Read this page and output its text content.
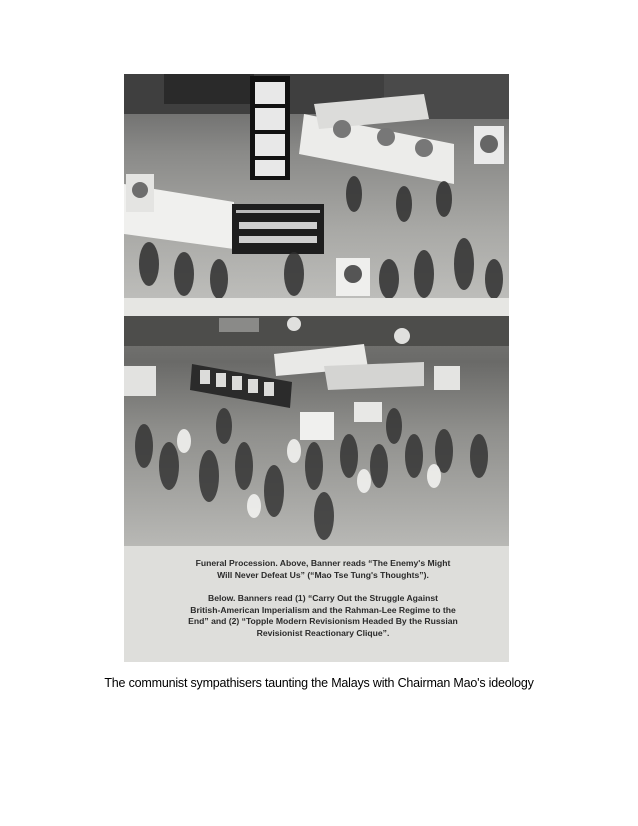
Funeral Procession. Above, Banner reads “The Enemy's Might
Will Never Defeat Us” (“Mao Tse Tung's Thoughts”).
Below. Banners read (1) “Carry Out the Struggle Against
British-American Imperialism and the Rahman-Lee Regime to the
End” and (2) “Topple Modern Revisionism Headed By the Russian
Revisionist Reactionary Clique”.
The communist sympathisers taunting the Malays with Chairman Mao's ideology
